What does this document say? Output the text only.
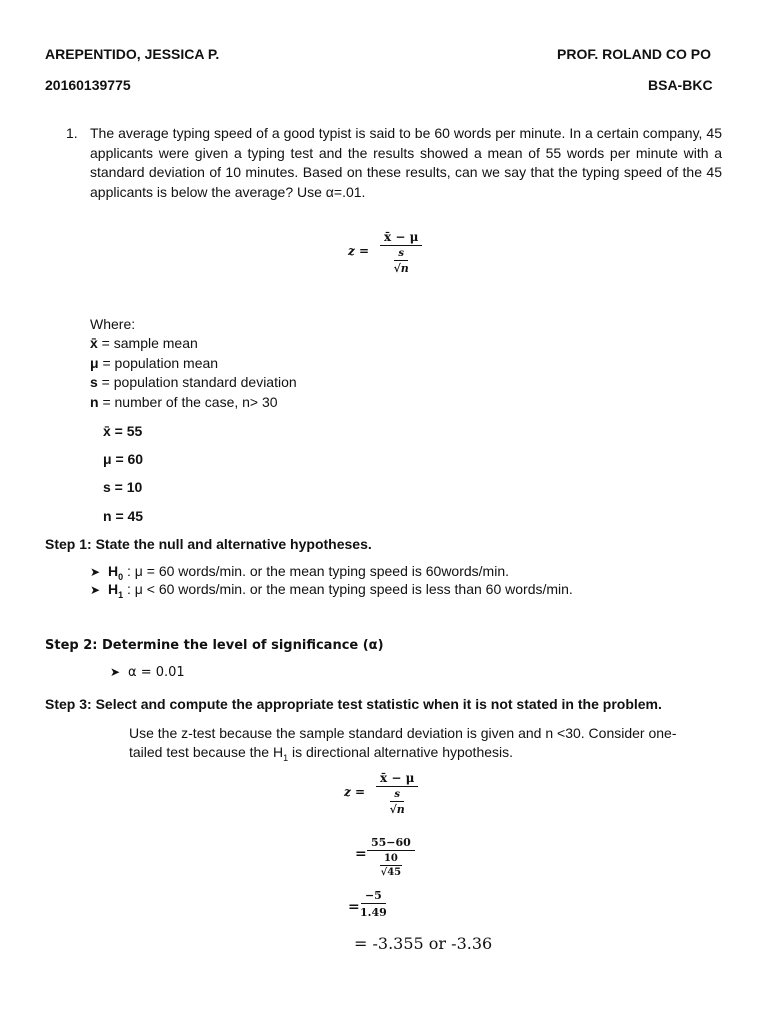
AREPENTIDO, JESSICA P.	PROF. ROLAND CO PO
20160139775	BSA-BKC
1. The average typing speed of a good typist is said to be 60 words per minute. In a certain company, 45 applicants were given a typing test and the results showed a mean of 55 words per minute with a standard deviation of 10 minutes. Based on these results, can we say that the typing speed of the 45 applicants is below the average? Use α=.01.
$z = \frac{x̄ - \mu}{\frac{s}{√n}}$
Where:
x̄ = sample mean
μ = population mean
s = population standard deviation
n = number of the case, n> 30
x̄ = 55
μ = 60
s = 10
n = 45
Step 1: State the null and alternative hypotheses.
➤ $H_0$ : μ = 60 words/min. or the mean typing speed is 60words/min.
➤ $H_1$ : μ < 60 words/min. or the mean typing speed is less than 60 words/min.
Step 2: Determine the level of significance (α)
➤ α = 0.01
Step 3: Select and compute the appropriate test statistic when it is not stated in the problem.
Use the z-test because the sample standard deviation is given and n <30. Consider one-
tailed test because the $H_1$ is directional alternative hypothesis.
$z = \frac{x̄ - \mu}{\frac{s}{√n}}$
=
55−60
$\frac{10}{√45}$
= $\frac{-5}{1.49}$
= -3.355 or -3.36
